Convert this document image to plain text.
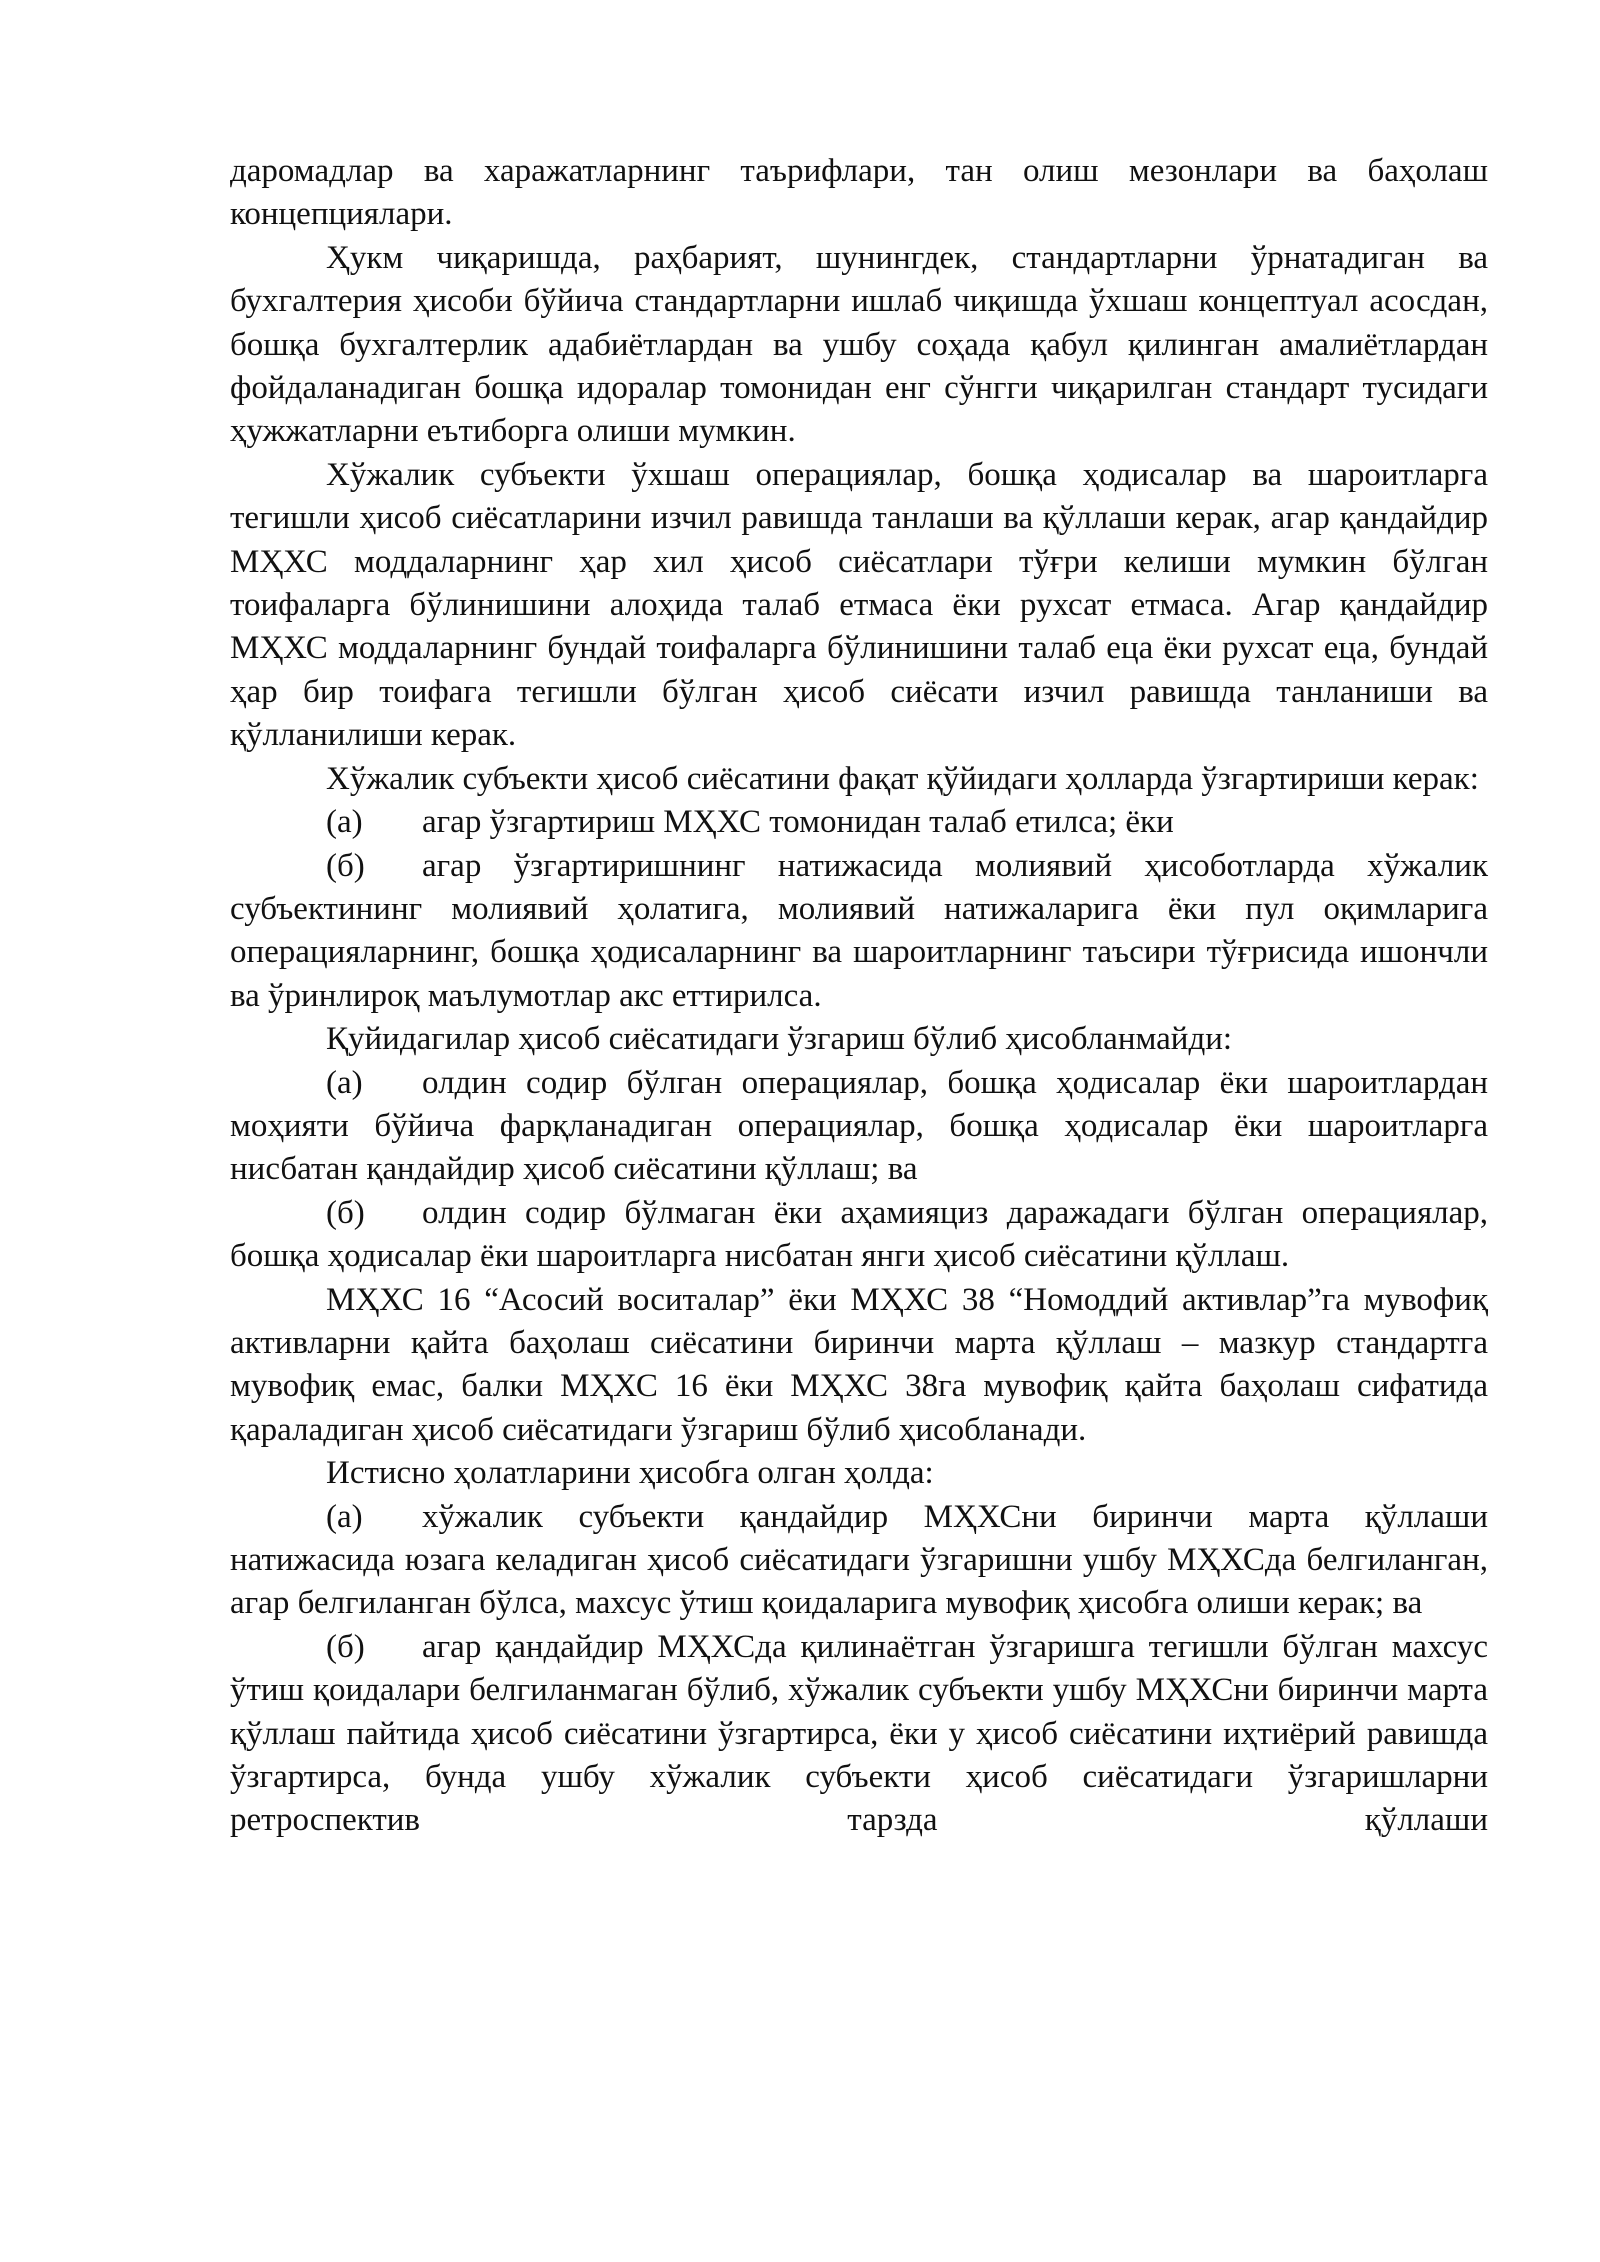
даромадлар ва харажатларнинг таърифлари, тан олиш мезонлари ва баҳолаш концепциялари.

Ҳукм чиқаришда, раҳбарият, шунингдек, стандартларни ўрнатадиган ва бухгалтерия ҳисоби бўйича стандартларни ишлаб чиқишда ўхшаш концептуал асосдан, бошқа бухгалтерлик адабиётлардан ва ушбу соҳада қабул қилинган амалиётлардан фойдаланадиган бошқа идоралар томонидан енг сўнгги чиқарилган стандарт тусидаги ҳужжатларни еътиборга олиши мумкин.

Хўжалик субъекти ўхшаш операциялар, бошқа ҳодисалар ва шароитларга тегишли ҳисоб сиёсатларини изчил равишда танлаши ва қўллаши керак, агар қандайдир МҲХС моддаларнинг ҳар хил ҳисоб сиёсатлари тўғри келиши мумкин бўлган тоифаларга бўлинишини алоҳида талаб етмаса ёки рухсат етмаса. Агар қандайдир МҲХС моддаларнинг бундай тоифаларга бўлинишини талаб еца ёки рухсат еца, бундай ҳар бир тоифага тегишли бўлган ҳисоб сиёсати изчил равишда танланиши ва қўлланилиши керак.

Хўжалик субъекти ҳисоб сиёсатини фақат қўйидаги ҳолларда ўзгартириши керак:

(а) агар ўзгартириш МҲХС томонидан талаб етилса; ёки

(б) агар ўзгартиришнинг натижасида молиявий ҳисоботларда хўжалик субъектининг молиявий ҳолатига, молиявий натижаларига ёки пул оқимларига операцияларнинг, бошқа ҳодисаларнинг ва шароитларнинг таъсири тўғрисида ишончли ва ўринлироқ маълумотлар акс еттирилса.

Қуйидагилар ҳисоб сиёсатидаги ўзгариш бўлиб ҳисобланмайди:

(а) олдин содир бўлган операциялар, бошқа ҳодисалар ёки шароитлардан моҳияти бўйича фарқланадиган операциялар, бошқа ҳодисалар ёки шароитларга нисбатан қандайдир ҳисоб сиёсатини қўллаш; ва

(б) олдин содир бўлмаган ёки аҳамияциз даражадаги бўлган операциялар, бошқа ҳодисалар ёки шароитларга нисбатан янги ҳисоб сиёсатини қўллаш.

МҲХС 16 “Асосий воситалар” ёки МҲХС 38 “Номоддий активлар”га мувофиқ активларни қайта баҳолаш сиёсатини биринчи марта қўллаш – мазкур стандартга мувофиқ емас, балки МҲХС 16 ёки МҲХС 38га мувофиқ қайта баҳолаш сифатида қараладиган ҳисоб сиёсатидаги ўзгариш бўлиб ҳисобланади.

Истисно ҳолатларини ҳисобга олган ҳолда:

(а) хўжалик субъекти қандайдир МҲХСни биринчи марта қўллаши натижасида юзага келадиган ҳисоб сиёсатидаги ўзгаришни ушбу МҲХСда белгиланган, агар белгиланган бўлса, махсус ўтиш қоидаларига мувофиқ ҳисобга олиши керак; ва

(б) агар қандайдир МҲХСда қилинаётган ўзгаришга тегишли бўлган махсус ўтиш қоидалари белгиланмаган бўлиб, хўжалик субъекти ушбу МҲХСни биринчи марта қўллаш пайтида ҳисоб сиёсатини ўзгартирса, ёки у ҳисоб сиёсатини иҳтиёрий равишда ўзгартирса, бунда ушбу хўжалик субъекти ҳисоб сиёсатидаги ўзгаришларни ретроспектив тарзда қўллаши
